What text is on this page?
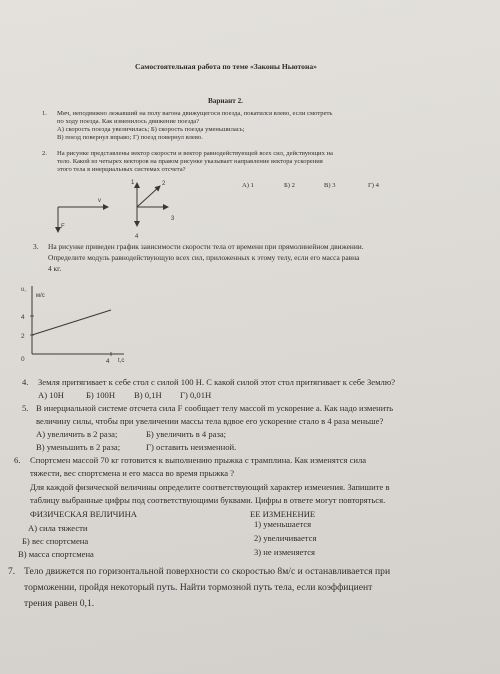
Самостоятельная работа по теме «Законы Ньютона»
Вариант 2.
1. Мяч, неподвижно лежавший на полу вагона движущегося поезда, покатился влево, если смотреть
по ходу поезда. Как изменилось движение поезда?
А) скорость поезда увеличилась; Б) скорость поезда уменьшилась;
В) поезд повернул вправо; Г) поезд повернул влево.
2. На рисунке представлены вектор скорости и вектор равнодействующей всех сил, действующих на
тело. Какой из четырех векторов на правом рисунке указывает направление вектора ускорения
этого тела в инерциальных системах отсчета?
v
F
1	2
3
4
А) 1	Б) 2	В) 3	Г) 4
3. На рисунке приведен график зависимости скорости тела от времени при прямолинейном движении.
Определите модуль равнодействующую всех сил, приложенных к этому телу, если его масса равна
4 кг.
υ,
м/с
4
2
0	4 t,c
4. Земля притягивает к себе стол с силой 100 Н. С какой силой этот стол притягивает к себе Землю?
А) 10Н	Б) 100Н В) 0,1Н Г) 0,01Н
5. В инерциальной системе отсчета сила F сообщает телу массой m ускорение a. Как надо изменить
величину силы, чтобы при увеличении массы тела вдвое его ускорение стало в 4 раза меньше?
А) увеличить в 2 раза;	Б) увеличить в 4 раза;
В) уменьшить в 2 раза;	Г) оставить неизменной.
6. Спортсмен массой 70 кг готовится к выполнению прыжка с трамплина. Как изменятся сила
тяжести, вес спортсмена и его масса во время прыжка ?
Для каждой физической величины определите соответствующий характер изменения. Запишите в
таблицу выбранные цифры под соответствующими буквами. Цифры в ответе могут повторяться.
ФИЗИЧЕСКАЯ ВЕЛИЧИНА	ЕЕ ИЗМЕНЕНИЕ
А) сила тяжести
Б) вес спортсмена
В) масса спортсмена
1) уменьшается
2) увеличивается
3) не изменяется
7. Тело движется по горизонтальной поверхности со скоростью 8м/с и останавливается при
торможении, пройдя некоторый путь. Найти тормозной путь тела, если коэффициент
трения равен 0,1.
